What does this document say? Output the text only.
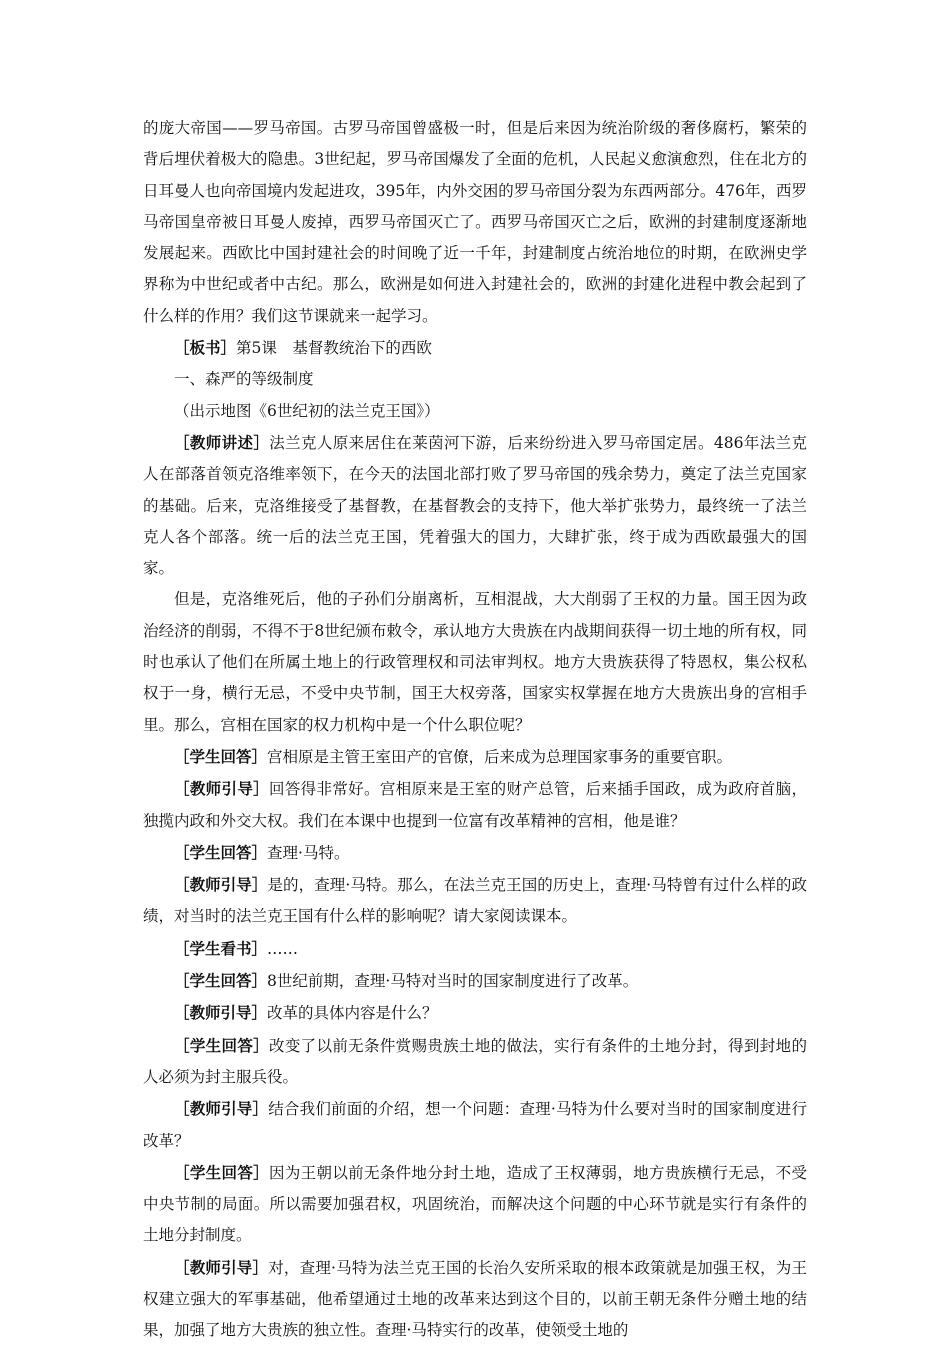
的庞大帝国——罗马帝国。古罗马帝国曾盛极一时，但是后来因为统治阶级的奢侈腐朽，繁荣的背后埋伏着极大的隐患。3世纪起，罗马帝国爆发了全面的危机，人民起义愈演愈烈，住在北方的日耳曼人也向帝国境内发起进攻，395年，内外交困的罗马帝国分裂为东西两部分。476年，西罗马帝国皇帝被日耳曼人废掉，西罗马帝国灭亡了。西罗马帝国灭亡之后，欧洲的封建制度逐渐地发展起来。西欧比中国封建社会的时间晚了近一千年，封建制度占统治地位的时期，在欧洲史学界称为中世纪或者中古纪。那么，欧洲是如何进入封建社会的，欧洲的封建化进程中教会起到了什么样的作用？我们这节课就来一起学习。

［板书］第5课　基督教统治下的西欧

一、森严的等级制度

（出示地图《6世纪初的法兰克王国》）

［教师讲述］法兰克人原来居住在莱茵河下游，后来纷纷进入罗马帝国定居。486年法兰克人在部落首领克洛维率领下，在今天的法国北部打败了罗马帝国的残余势力，奠定了法兰克国家的基础。后来，克洛维接受了基督教，在基督教会的支持下，他大举扩张势力，最终统一了法兰克人各个部落。统一后的法兰克王国，凭着强大的国力，大肆扩张，终于成为西欧最强大的国家。

但是，克洛维死后，他的子孙们分崩离析，互相混战，大大削弱了王权的力量。国王因为政治经济的削弱，不得不于8世纪颁布敕令，承认地方大贵族在内战期间获得一切土地的所有权，同时也承认了他们在所属土地上的行政管理权和司法审判权。地方大贵族获得了特恩权，集公权私权于一身，横行无忌，不受中央节制，国王大权旁落，国家实权掌握在地方大贵族出身的宫相手里。那么，宫相在国家的权力机构中是一个什么职位呢？

［学生回答］宫相原是主管王室田产的官僚，后来成为总理国家事务的重要官职。

［教师引导］回答得非常好。宫相原来是王室的财产总管，后来插手国政，成为政府首脑，独揽内政和外交大权。我们在本课中也提到一位富有改革精神的宫相，他是谁？

［学生回答］查理·马特。

［教师引导］是的，查理·马特。那么，在法兰克王国的历史上，查理·马特曾有过什么样的政绩，对当时的法兰克王国有什么样的影响呢？请大家阅读课本。

［学生看书］……

［学生回答］8世纪前期，查理·马特对当时的国家制度进行了改革。

［教师引导］改革的具体内容是什么？

［学生回答］改变了以前无条件赏赐贵族土地的做法，实行有条件的土地分封，得到封地的人必须为封主服兵役。

［教师引导］结合我们前面的介绍，想一个问题：查理·马特为什么要对当时的国家制度进行改革？

［学生回答］因为王朝以前无条件地分封土地，造成了王权薄弱，地方贵族横行无忌，不受中央节制的局面。所以需要加强君权，巩固统治，而解决这个问题的中心环节就是实行有条件的土地分封制度。

［教师引导］对，查理·马特为法兰克王国的长治久安所采取的根本政策就是加强王权，为王权建立强大的军事基础，他希望通过土地的改革来达到这个目的，以前王朝无条件分赠土地的结果，加强了地方大贵族的独立性。查理·马特实行的改革，使领受土地的
